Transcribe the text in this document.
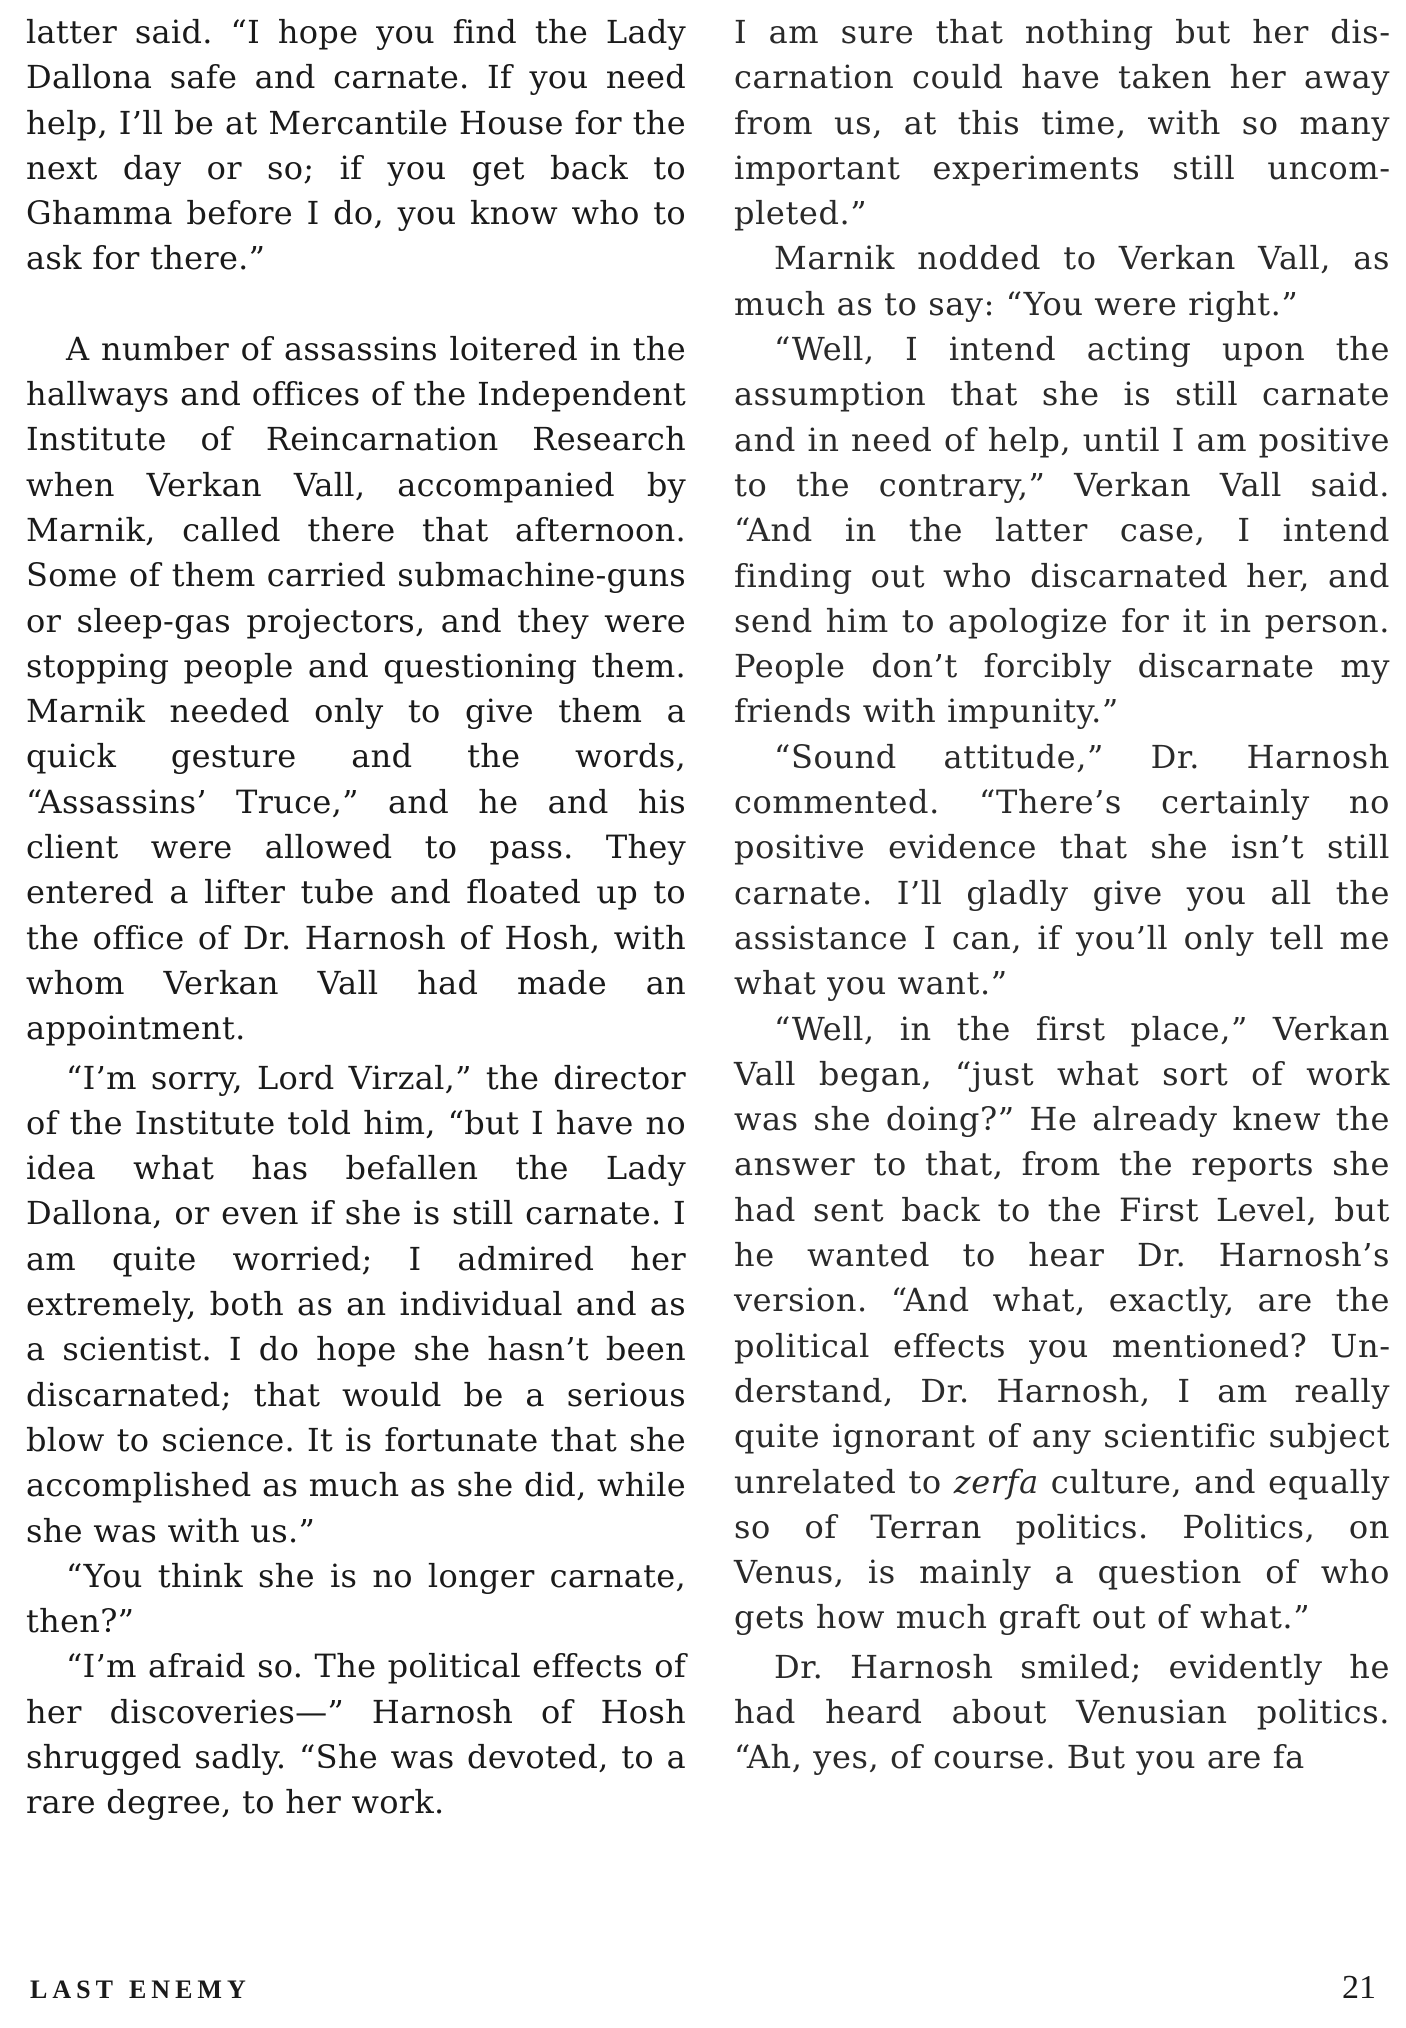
latter said. “I hope you find the Lady Dallona safe and carnate. If you need help, I’ll be at Mercantile House for the next day or so; if you get back to Ghamma before I do, you know who to ask for there.”

A number of assassins loitered in the hallways and offices of the Independent Institute of Reincarnation Research when Verkan Vall, accompanied by Marnik, called there that afternoon. Some of them carried submachine-guns or sleep-gas projectors, and they were stopping people and questioning them. Marnik needed only to give them a quick gesture and the words, “Assassins’ Truce,” and he and his client were allowed to pass. They entered a lifter tube and floated up to the office of Dr. Harnosh of Hosh, with whom Verkan Vall had made an appointment.

“I’m sorry, Lord Virzal,” the director of the Institute told him, “but I have no idea what has befallen the Lady Dallona, or even if she is still carnate. I am quite worried; I admired her extremely, both as an individual and as a scientist. I do hope she hasn’t been discarnated; that would be a serious blow to science. It is fortunate that she accomplished as much as she did, while she was with us.”

“You think she is no longer carnate, then?”

“I’m afraid so. The political effects of her discoveries—” Harnosh of Hosh shrugged sadly. “She was devoted, to a rare degree, to her work.

I am sure that nothing but her discarnation could have taken her away from us, at this time, with so many important experiments still uncompleted.”

Marnik nodded to Verkan Vall, as much as to say: “You were right.”

“Well, I intend acting upon the assumption that she is still carnate and in need of help, until I am positive to the contrary,” Verkan Vall said. “And in the latter case, I intend finding out who discarnated her, and send him to apologize for it in person. People don’t forcibly discarnate my friends with impunity.”

“Sound attitude,” Dr. Harnosh commented. “There’s certainly no positive evidence that she isn’t still carnate. I’ll gladly give you all the assistance I can, if you’ll only tell me what you want.”

“Well, in the first place,” Verkan Vall began, “just what sort of work was she doing?” He already knew the answer to that, from the reports she had sent back to the First Level, but he wanted to hear Dr. Harnosh’s version. “And what, exactly, are the political effects you mentioned? Understand, Dr. Harnosh, I am really quite ignorant of any scientific subject unrelated to zerfa culture, and equally so of Terran politics. Politics, on Venus, is mainly a question of who gets how much graft out of what.”

Dr. Harnosh smiled; evidently he had heard about Venusian politics. “Ah, yes, of course. But you are fa

LAST ENEMY	21
